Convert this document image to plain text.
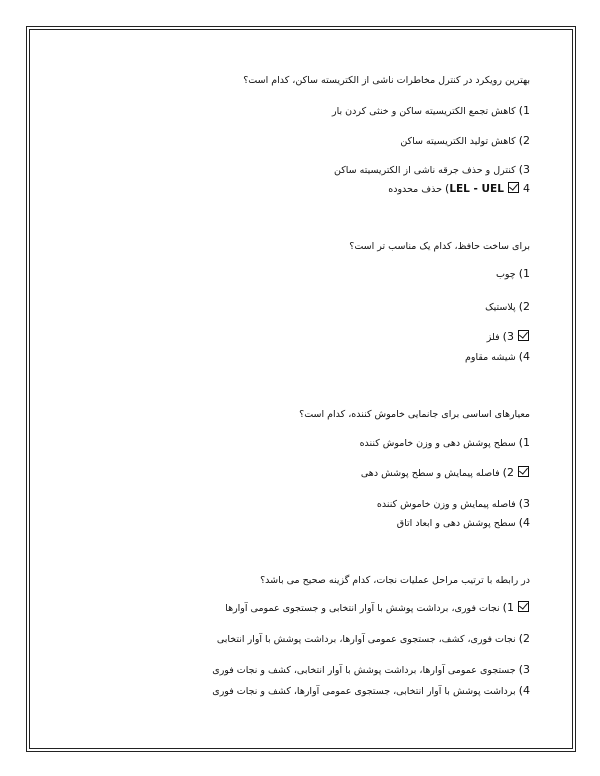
بهترین رویکرد در کنترل مخاطرات ناشی از الکتریسته ساکن، کدام است؟
1) کاهش تجمع الکتریسیته ساکن و خنثی کردن بار
2) کاهش تولید الکتریسیته ساکن
3) کنترل و حذف جرقه ناشی از الکتریسیته ساکن
LEL - UEL  4) حذف محدوده
برای ساخت حافظ، کدام یک مناسب تر است؟
1) چوب
2) پلاستیک
3) فلز
4) شیشه مقاوم
معیارهای اساسی برای جانمایی خاموش کننده، کدام است؟
1) سطح پوشش دهی و وزن خاموش کننده
2) فاصله پیمایش و سطح پوشش دهی
3) فاصله پیمایش و وزن خاموش کننده
4) سطح پوشش دهی و ابعاد اتاق
در رابطه با ترتیب مراحل عملیات نجات، کدام گزینه صحیح می باشد؟
1) نجات فوری، برداشت پوشش با آوار انتخابی و جستجوی عمومی آوارها
2) نجات فوری، کشف، جستجوی عمومی آوارها، برداشت پوشش با آوار انتخابی
3) جستجوی عمومی آوارها، برداشت پوشش با آوار انتخابی، کشف و نجات فوری
4) برداشت پوشش با آوار انتخابی، جستجوی عمومی آوارها، کشف و نجات فوری
